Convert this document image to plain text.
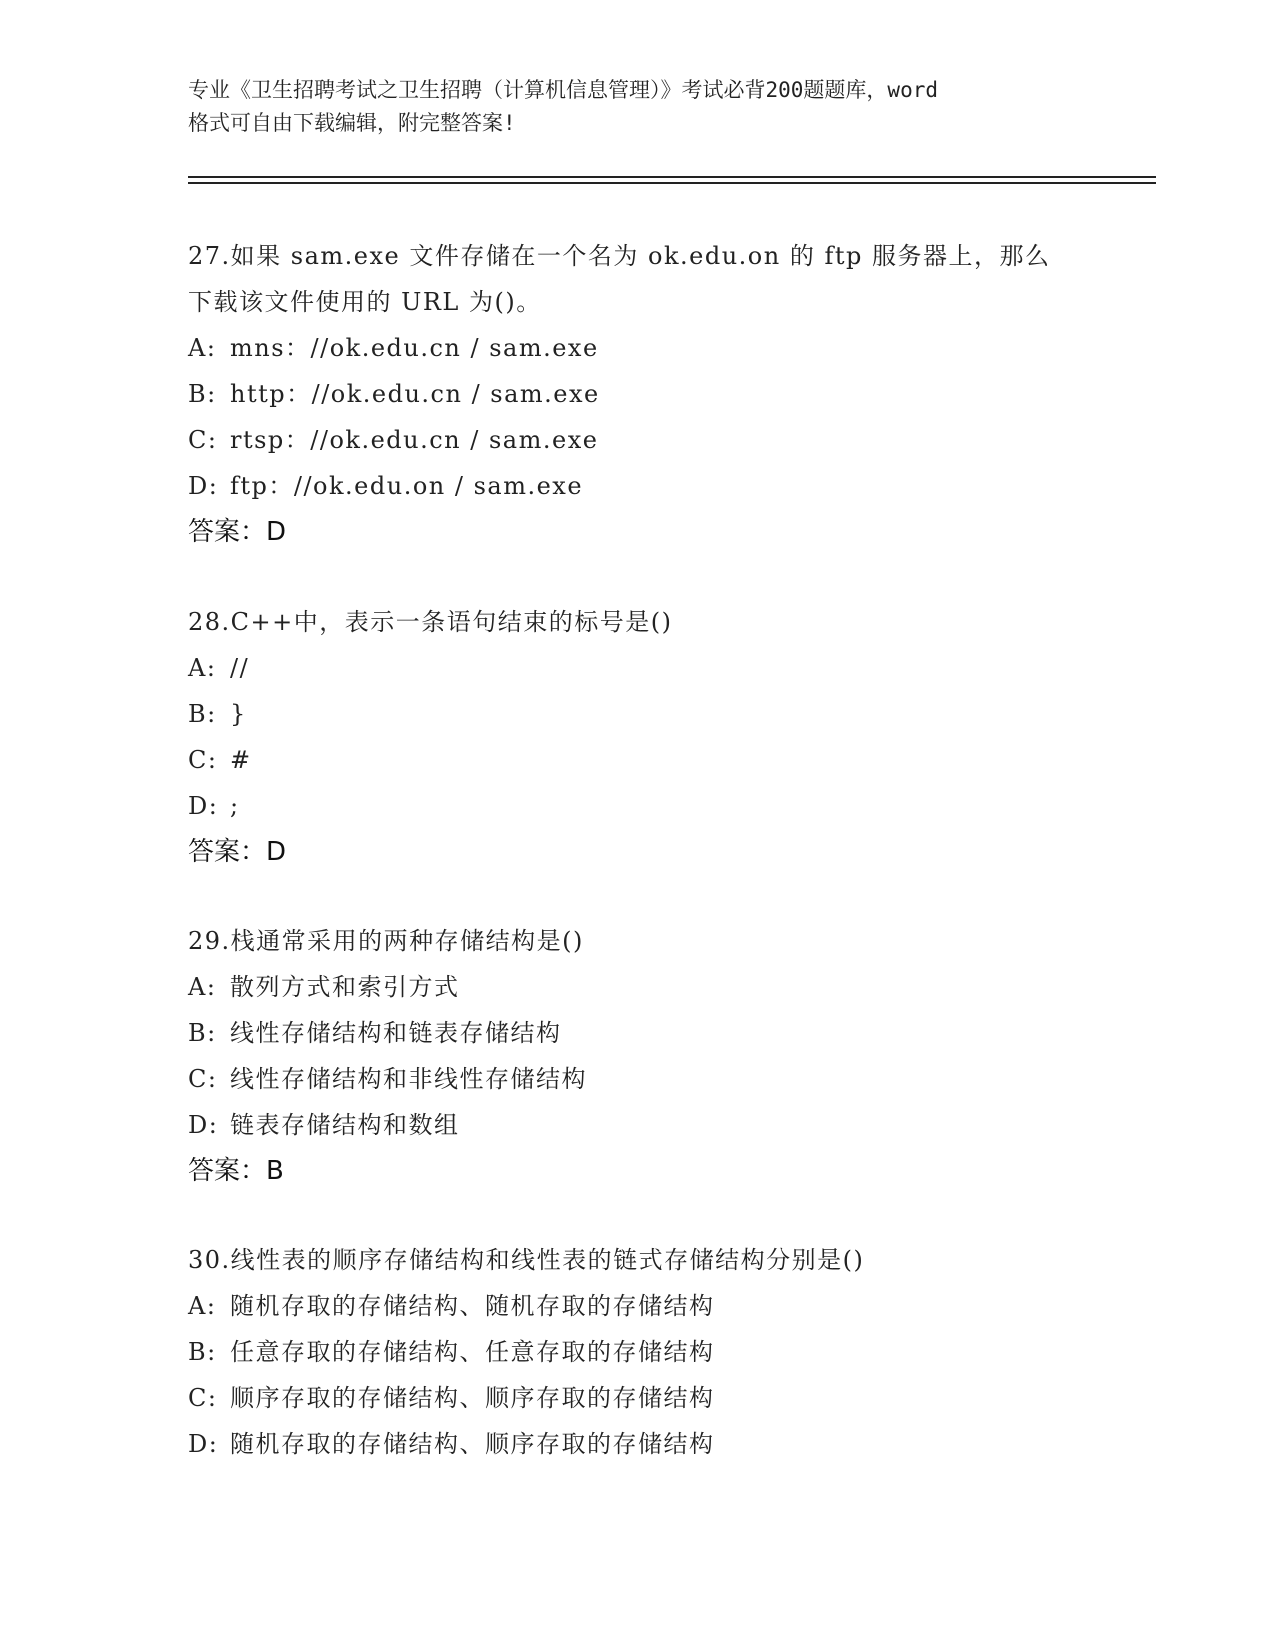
专业《卫生招聘考试之卫生招聘（计算机信息管理）》考试必背200题题库，word
格式可自由下载编辑，附完整答案!
27.如果 sam.exe 文件存储在一个名为 ok.edu.on 的 ftp 服务器上，那么下载该文件使用的 URL 为()。
A: mns：//ok.edu.cn / sam.exe
B: http：//ok.edu.cn / sam.exe
C: rtsp：//ok.edu.cn / sam.exe
D: ftp：//ok.edu.on / sam.exe
答案：D
28.C++中，表示一条语句结束的标号是()
A: //
B: }
C: #
D: ;
答案：D
29.栈通常采用的两种存储结构是()
A: 散列方式和索引方式
B: 线性存储结构和链表存储结构
C: 线性存储结构和非线性存储结构
D: 链表存储结构和数组
答案：B
30.线性表的顺序存储结构和线性表的链式存储结构分别是()
A: 随机存取的存储结构、随机存取的存储结构
B: 任意存取的存储结构、任意存取的存储结构
C: 顺序存取的存储结构、顺序存取的存储结构
D: 随机存取的存储结构、顺序存取的存储结构
